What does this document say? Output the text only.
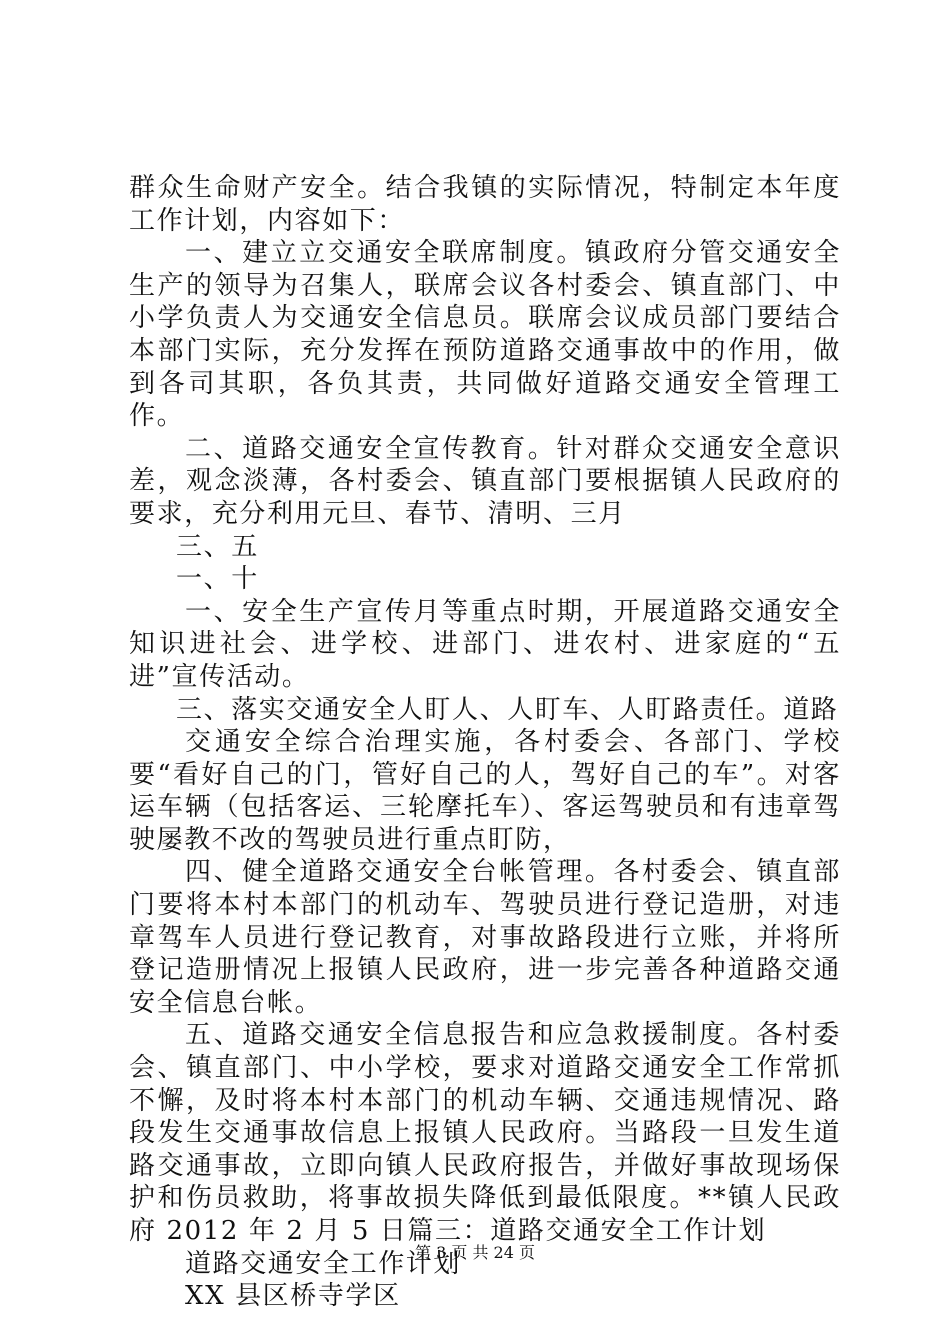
群众生命财产安全。结合我镇的实际情况，特制定本年度工作计划，内容如下：

一、建立立交通安全联席制度。镇政府分管交通安全生产的领导为召集人，联席会议各村委会、镇直部门、中小学负责人为交通安全信息员。联席会议成员部门要结合本部门实际，充分发挥在预防道路交通事故中的作用，做到各司其职，各负其责，共同做好道路交通安全管理工作。

二、道路交通安全宣传教育。针对群众交通安全意识差，观念淡薄，各村委会、镇直部门要根据镇人民政府的要求，充分利用元旦、春节、清明、三月

三、五

一、十

一、安全生产宣传月等重点时期，开展道路交通安全知识进社会、进学校、进部门、进农村、进家庭的“五进”宣传活动。

三、落实交通安全人盯人、人盯车、人盯路责任。道路

交通安全综合治理实施，各村委会、各部门、学校要“看好自己的门，管好自己的人，驾好自己的车”。对客运车辆（包括客运、三轮摩托车）、客运驾驶员和有违章驾驶屡教不改的驾驶员进行重点盯防，

四、健全道路交通安全台帐管理。各村委会、镇直部门要将本村本部门的机动车、驾驶员进行登记造册，对违章驾车人员进行登记教育，对事故路段进行立账，并将所登记造册情况上报镇人民政府，进一步完善各种道路交通安全信息台帐。

五、道路交通安全信息报告和应急救援制度。各村委会、镇直部门、中小学校，要求对道路交通安全工作常抓不懈，及时将本村本部门的机动车辆、交通违规情况、路段发生交通事故信息上报镇人民政府。当路段一旦发生道路交通事故，立即向镇人民政府报告，并做好事故现场保护和伤员救助，将事故损失降低到最低限度。**镇人民政府 2012 年 2 月 5 日篇三：道路交通安全工作计划

道路交通安全工作计划

XX 县区桥寺学区

第 3 页 共 24 页
